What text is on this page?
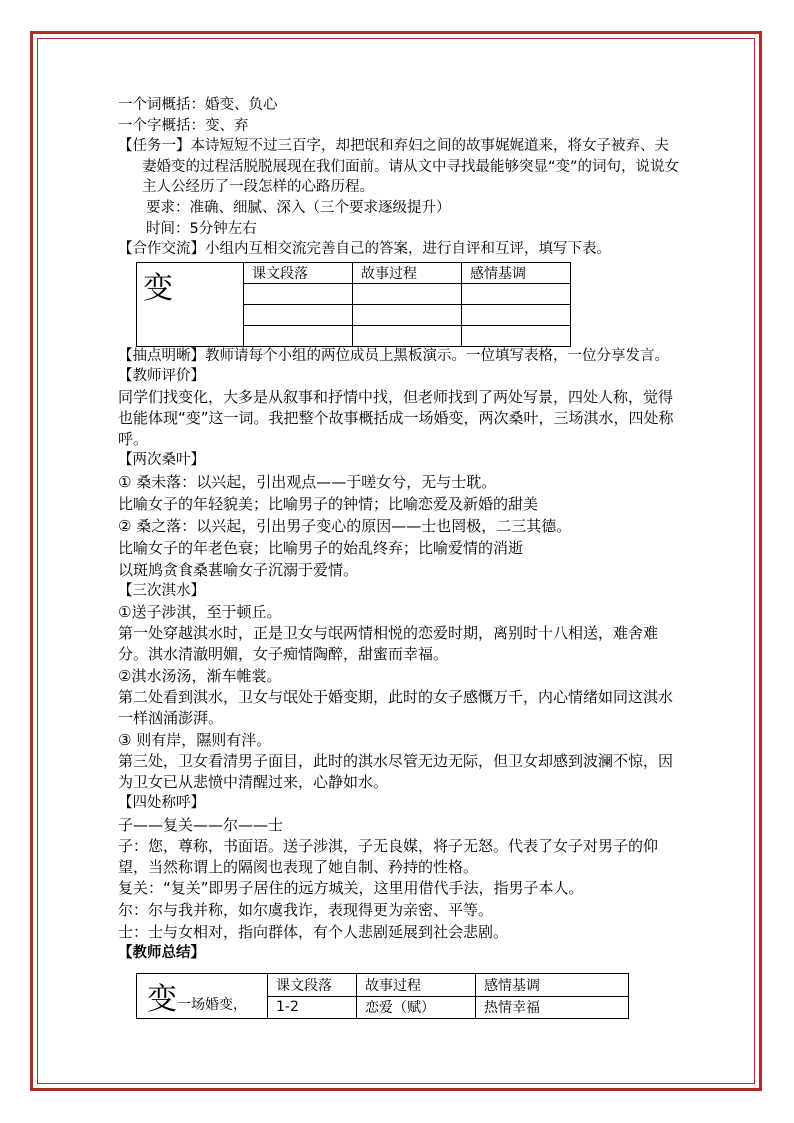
一个词概括：婚变、负心
一个字概括：变、弃
【任务一】本诗短短不过三百字，却把氓和弃妇之间的故事娓娓道来，将女子被弃、夫妻婚变的过程活脱脱展现在我们面前。请从文中寻找最能够突显“变”的词句，说说女主人公经历了一段怎样的心路历程。
要求：准确、细腻、深入（三个要求逐级提升）
时间：5分钟左右
【合作交流】小组内互相交流完善自己的答案，进行自评和互评，填写下表。
【抽点明晰】教师请每个小组的两位成员上黑板演示。一位填写表格，一位分享发言。
【教师评价】
同学们找变化，大多是从叙事和抒情中找，但老师找到了两处写景，四处人称，觉得也能体现“变”这一词。我把整个故事概括成一场婚变，两次桑叶，三场淇水，四处称呼。
【两次桑叶】
① 桑未落：以兴起，引出观点——于嗟女兮，无与士耽。
比喻女子的年轻貌美；比喻男子的钟情；比喻恋爱及新婚的甜美
② 桑之落：以兴起，引出男子变心的原因——士也罔极，二三其德。
比喻女子的年老色衰；比喻男子的始乱终弃；比喻爱情的消逝
以斑鸠贪食桑葚喻女子沉溺于爱情。
【三次淇水】
①送子涉淇，至于顿丘。
第一处穿越淇水时，正是卫女与氓两情相悦的恋爱时期，离别时十八相送，难舍难分。淇水清澈明媚，女子痴情陶醉，甜蜜而幸福。
②淇水汤汤，渐车帷裳。
第二处看到淇水，卫女与氓处于婚变期，此时的女子感慨万千，内心情绪如同这淇水一样汹涌澎湃。
③ 则有岸，隰则有泮。
第三处，卫女看清男子面目，此时的淇水尽管无边无际，但卫女却感到波澜不惊，因为卫女已从悲愤中清醒过来，心静如水。
【四处称呼】
子——复关——尔——士
子：您，尊称，书面语。送子涉淇，子无良媒，将子无怒。代表了女子对男子的仰望，当然称谓上的隔阂也表现了她自制、矜持的性格。
复关：“复关”即男子居住的远方城关，这里用借代手法，指男子本人。
尔：尔与我并称，如尔虞我诈，表现得更为亲密、平等。
士：士与女相对，指向群体，有个人悲剧延展到社会悲剧。
【教师总结】
变	课文段落	故事过程	感情基调

变一场婚变，	课文段落	故事过程	感情基调
	1-2	恋爱（赋）	热情幸福
